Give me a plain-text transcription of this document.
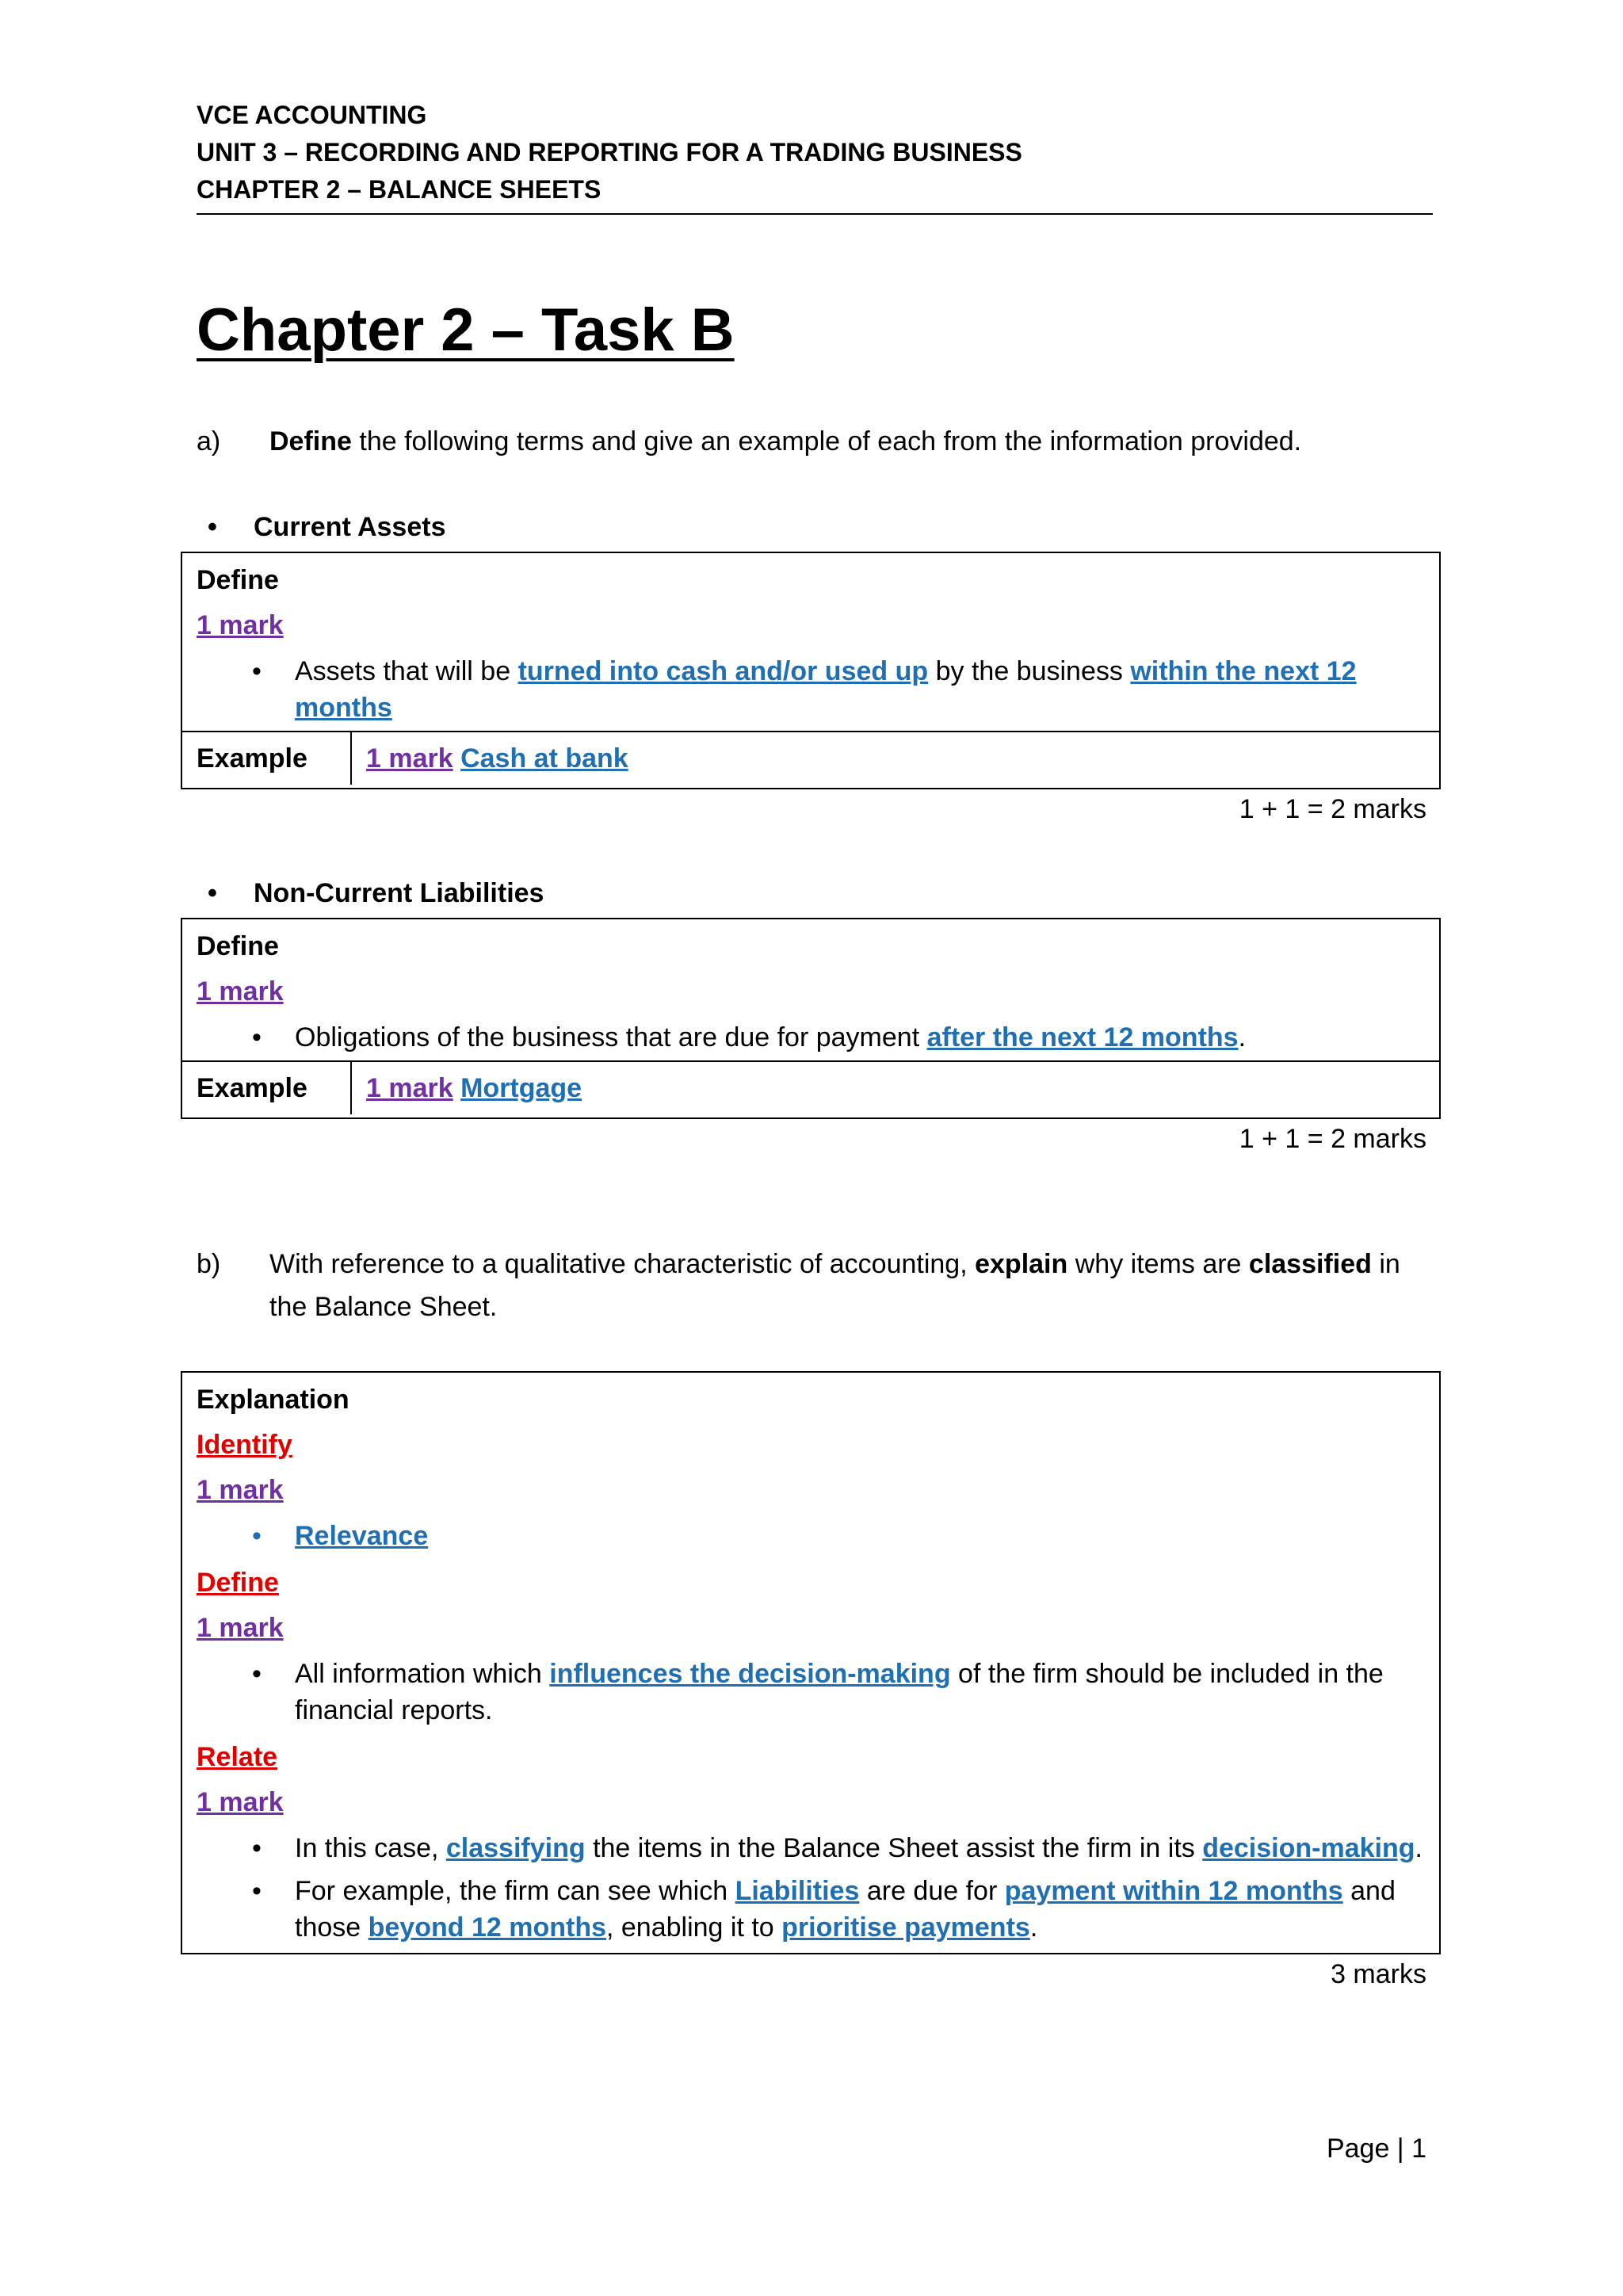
VCE ACCOUNTING
UNIT 3 – RECORDING AND REPORTING FOR A TRADING BUSINESS
CHAPTER 2 – BALANCE SHEETS
Chapter 2 – Task B
a) Define the following terms and give an example of each from the information provided.
• Current Assets
Define
1 mark
• Assets that will be turned into cash and/or used up by the business within the next 12 months
Example	1 mark Cash at bank
1 + 1 = 2 marks
• Non-Current Liabilities
Define
1 mark
• Obligations of the business that are due for payment after the next 12 months.
Example	1 mark Mortgage
1 + 1 = 2 marks
b) With reference to a qualitative characteristic of accounting, explain why items are classified in the Balance Sheet.
Explanation
Identify
1 mark
• Relevance
Define
1 mark
• All information which influences the decision-making of the firm should be included in the financial reports.
Relate
1 mark
• In this case, classifying the items in the Balance Sheet assist the firm in its decision-making.
• For example, the firm can see which Liabilities are due for payment within 12 months and those beyond 12 months, enabling it to prioritise payments.
3 marks
Page | 1
